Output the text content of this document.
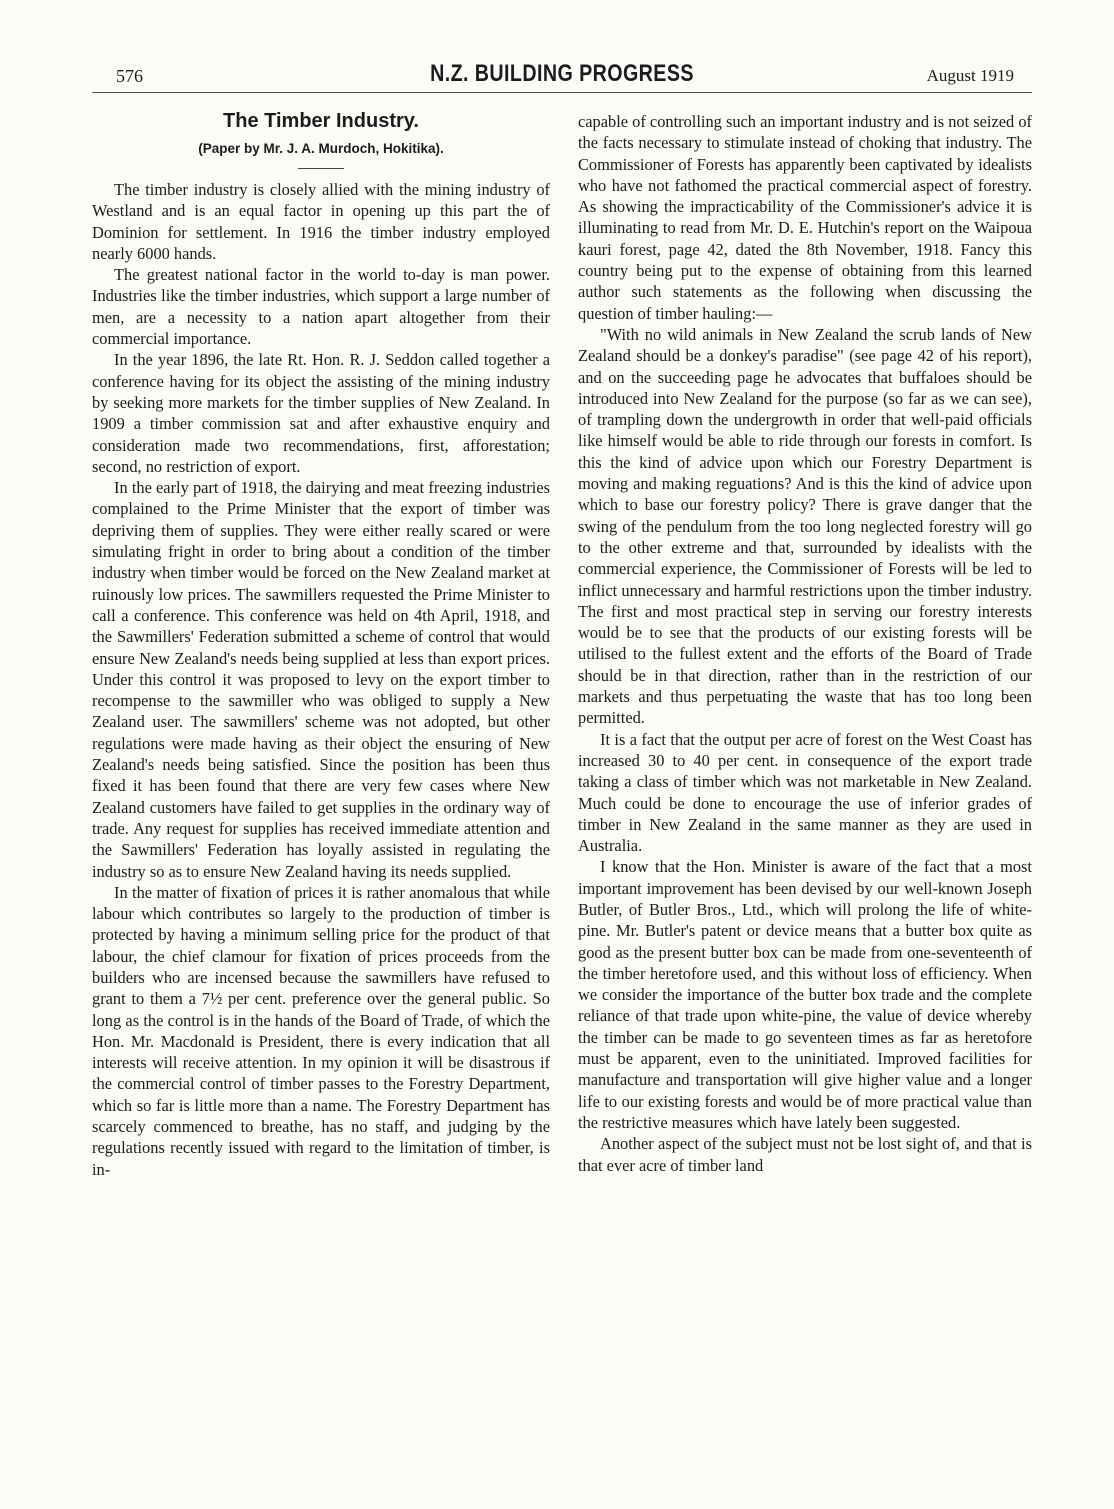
576	N.Z. BUILDING PROGRESS	August 1919
The Timber Industry.
(Paper by Mr. J. A. Murdoch, Hokitika).

The timber industry is closely allied with the mining industry of Westland and is an equal factor in opening up this part the of Dominion for settlement. In 1916 the timber industry employed nearly 6000 hands.

The greatest national factor in the world to-day is man power. Industries like the timber industries, which support a large number of men, are a necessity to a nation apart altogether from their commercial importance.

In the year 1896, the late Rt. Hon. R. J. Seddon called together a conference having for its object the assisting of the mining industry by seeking more markets for the timber supplies of New Zealand. In 1909 a timber commission sat and after exhaustive enquiry and consideration made two recommendations, first, afforestation; second, no restriction of export.

In the early part of 1918, the dairying and meat freezing industries complained to the Prime Minister that the export of timber was depriving them of supplies. They were either really scared or were simulating fright in order to bring about a condition of the timber industry when timber would be forced on the New Zealand market at ruinously low prices. The sawmillers requested the Prime Minister to call a conference. This conference was held on 4th April, 1918, and the Sawmillers' Federation submitted a scheme of control that would ensure New Zealand's needs being supplied at less than export prices. Under this control it was proposed to levy on the export timber to recompense to the sawmiller who was obliged to supply a New Zealand user. The sawmillers' scheme was not adopted, but other regulations were made having as their object the ensuring of New Zealand's needs being satisfied. Since the position has been thus fixed it has been found that there are very few cases where New Zealand customers have failed to get supplies in the ordinary way of trade. Any request for supplies has received immediate attention and the Sawmillers' Federation has loyally assisted in regulating the industry so as to ensure New Zealand having its needs supplied.

In the matter of fixation of prices it is rather anomalous that while labour which contributes so largely to the production of timber is protected by having a minimum selling price for the product of that labour, the chief clamour for fixation of prices proceeds from the builders who are incensed because the sawmillers have refused to grant to them a 7½ per cent. preference over the general public. So long as the control is in the hands of the Board of Trade, of which the Hon. Mr. Macdonald is President, there is every indication that all interests will receive attention. In my opinion it will be disastrous if the commercial control of timber passes to the Forestry Department, which so far is little more than a name. The Forestry Department has scarcely commenced to breathe, has no staff, and judging by the regulations recently issued with regard to the limitation of timber, is in-

capable of controlling such an important industry and is not seized of the facts necessary to stimulate instead of choking that industry. The Commissioner of Forests has apparently been captivated by idealists who have not fathomed the practical commercial aspect of forestry. As showing the impracticability of the Commissioner's advice it is illuminating to read from Mr. D. E. Hutchin's report on the Waipoua kauri forest, page 42, dated the 8th November, 1918. Fancy this country being put to the expense of obtaining from this learned author such statements as the following when discussing the question of timber hauling:—

"With no wild animals in New Zealand the scrub lands of New Zealand should be a donkey's paradise" (see page 42 of his report), and on the succeeding page he advocates that buffaloes should be introduced into New Zealand for the purpose (so far as we can see), of trampling down the undergrowth in order that well-paid officials like himself would be able to ride through our forests in comfort. Is this the kind of advice upon which our Forestry Department is moving and making reguations? And is this the kind of advice upon which to base our forestry policy? There is grave danger that the swing of the pendulum from the too long neglected forestry will go to the other extreme and that, surrounded by idealists with the commercial experience, the Commissioner of Forests will be led to inflict unnecessary and harmful restrictions upon the timber industry. The first and most practical step in serving our forestry interests would be to see that the products of our existing forests will be utilised to the fullest extent and the efforts of the Board of Trade should be in that direction, rather than in the restriction of our markets and thus perpetuating the waste that has too long been permitted.

It is a fact that the output per acre of forest on the West Coast has increased 30 to 40 per cent. in consequence of the export trade taking a class of timber which was not marketable in New Zealand. Much could be done to encourage the use of inferior grades of timber in New Zealand in the same manner as they are used in Australia.

I know that the Hon. Minister is aware of the fact that a most important improvement has been devised by our well-known Joseph Butler, of Butler Bros., Ltd., which will prolong the life of white-pine. Mr. Butler's patent or device means that a butter box quite as good as the present butter box can be made from one-seventeenth of the timber heretofore used, and this without loss of efficiency. When we consider the importance of the butter box trade and the complete reliance of that trade upon white-pine, the value of device whereby the timber can be made to go seventeen times as far as heretofore must be apparent, even to the uninitiated. Improved facilities for manufacture and transportation will give higher value and a longer life to our existing forests and would be of more practical value than the restrictive measures which have lately been suggested.

Another aspect of the subject must not be lost sight of, and that is that ever acre of timber land
